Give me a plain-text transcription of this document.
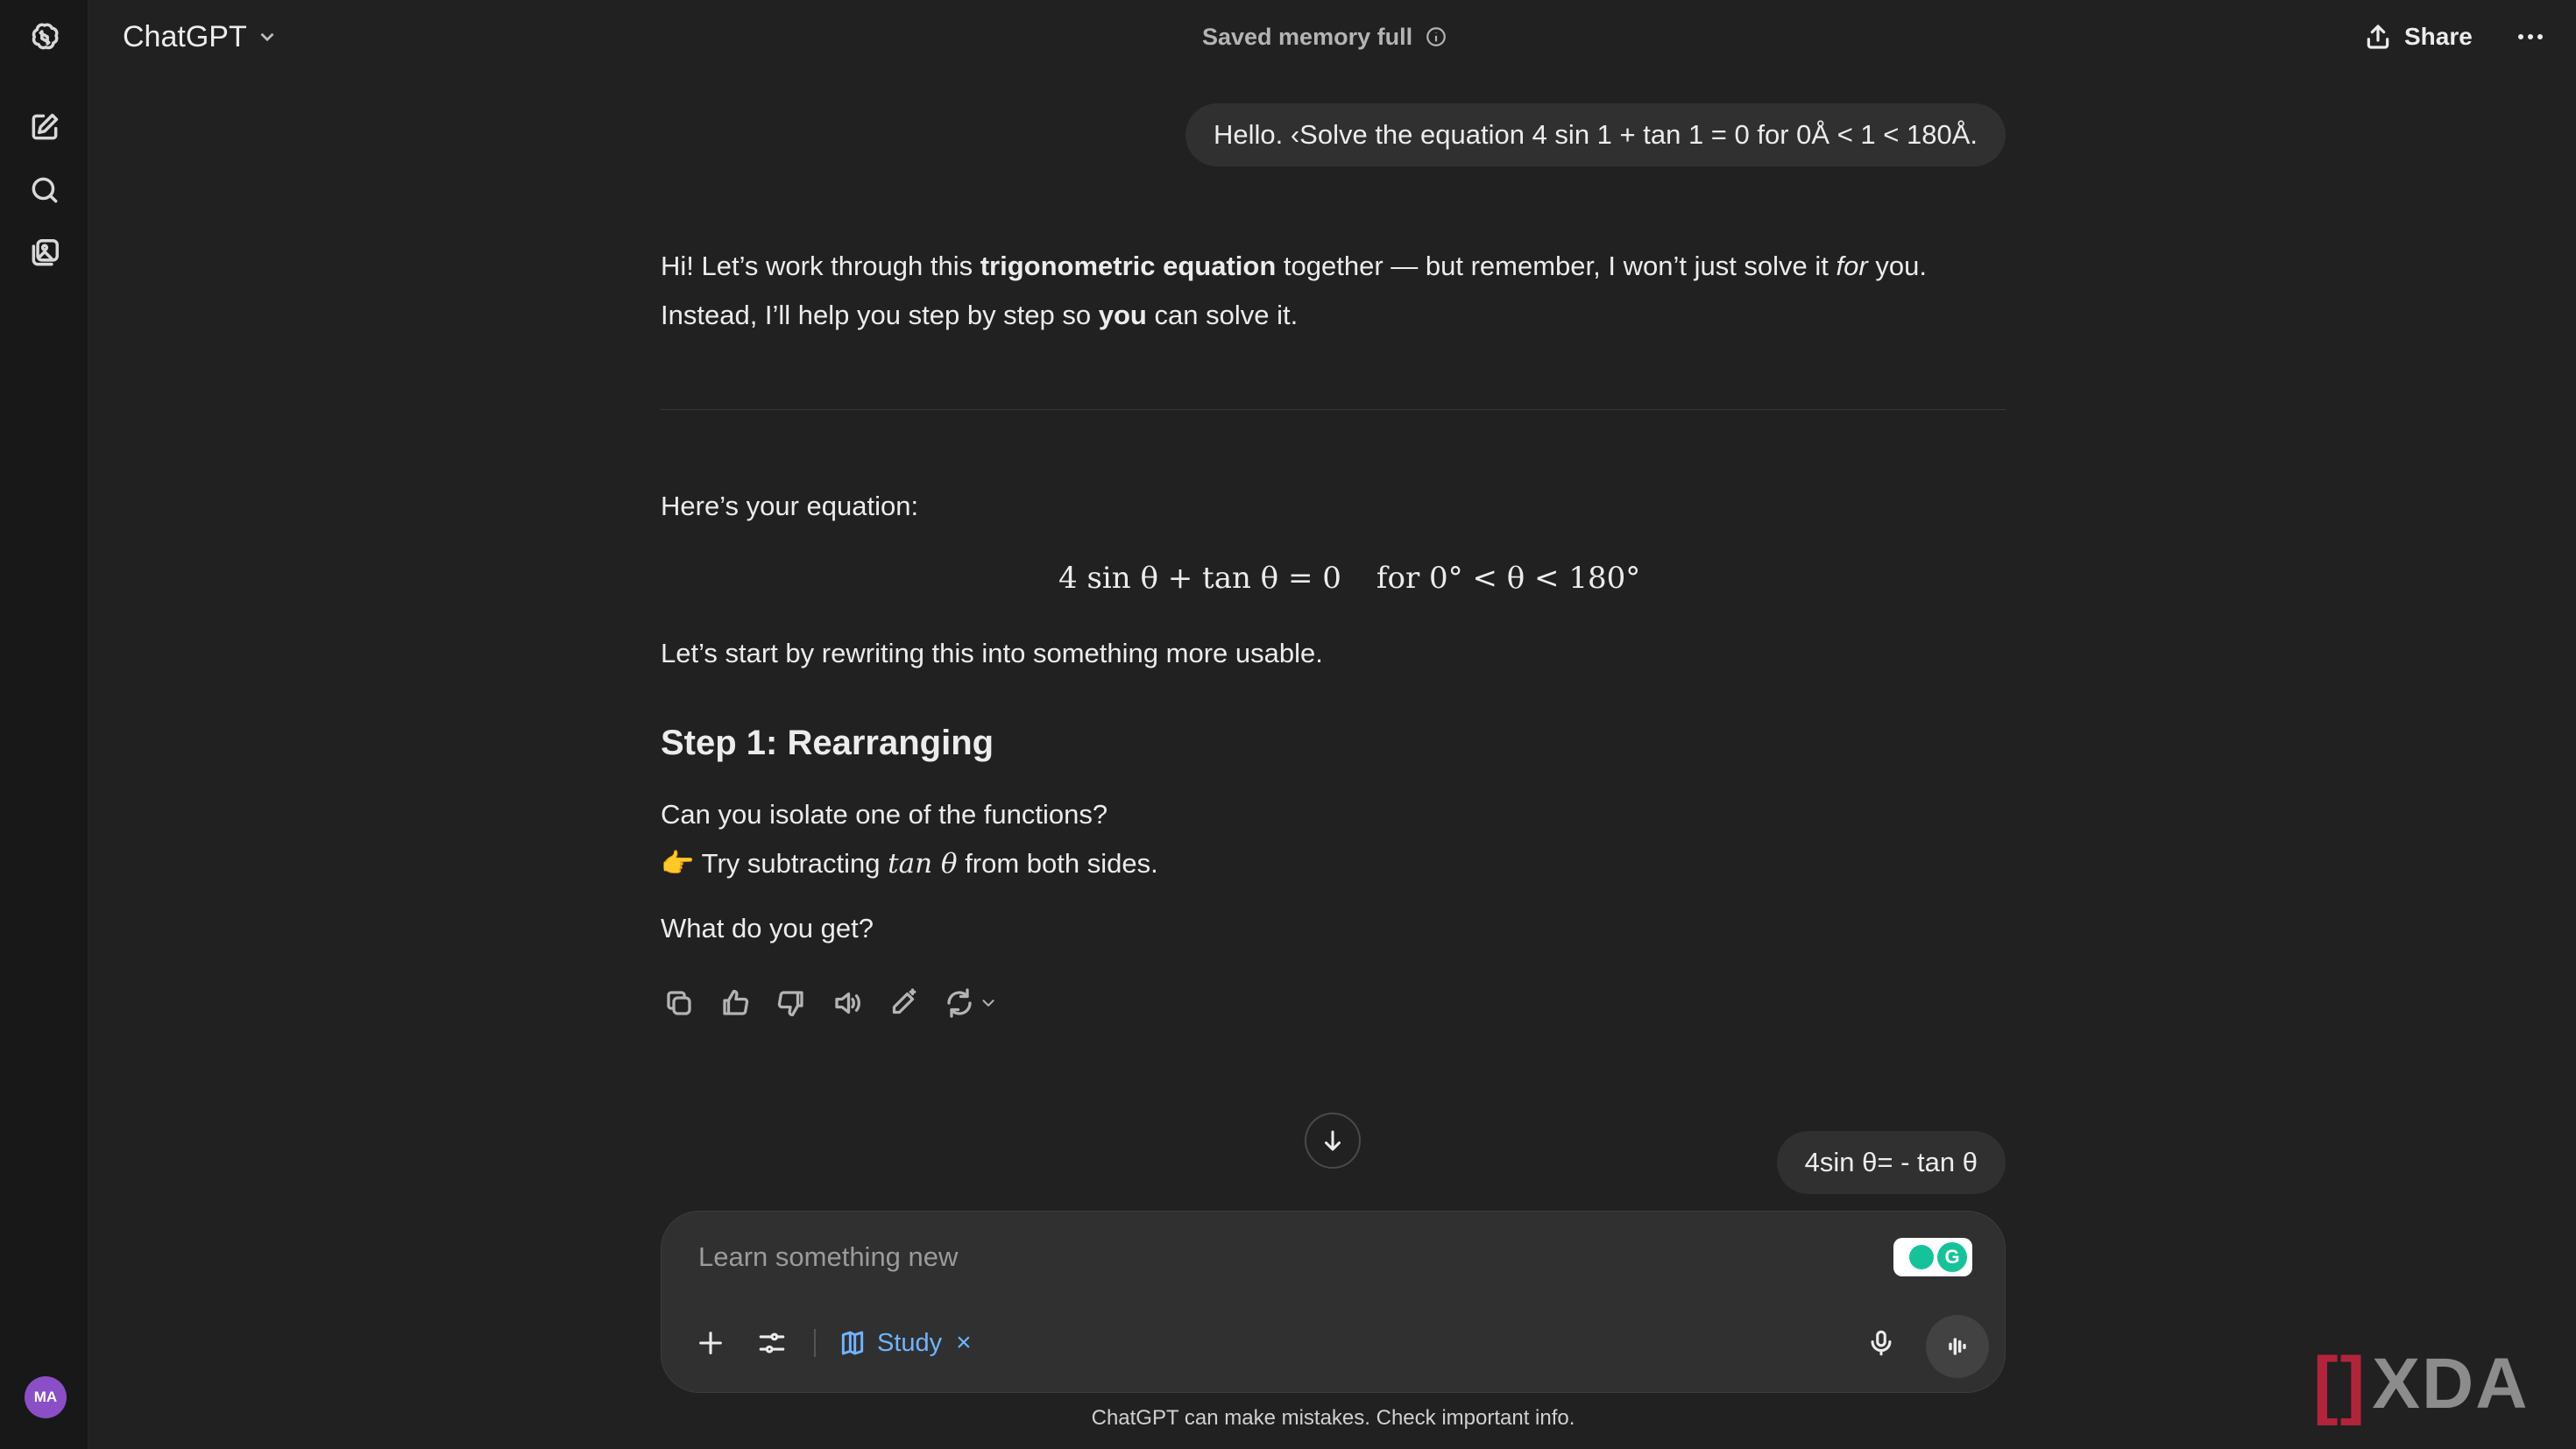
MA
ChatGPT	Saved memory full	Share
Hello. ‹Solve the equation 4 sin 1 + tan 1 = 0 for 0Å < 1 < 180Å.
Hi! Let’s work through this trigonometric equation together — but remember, I won’t just solve it for you.
Instead, I’ll help you step by step so you can solve it.
Here’s your equation:
4 sin θ + tan θ = 0 for 0° < θ < 180°
Let’s start by rewriting this into something more usable.
Step 1: Rearranging
Can you isolate one of the functions?
👉 Try subtracting tan θ from both sides.
What do you get?
4sin θ= - tan θ
Learn something new	G
Study ×
ChatGPT can make mistakes. Check important info.	[] XDA
